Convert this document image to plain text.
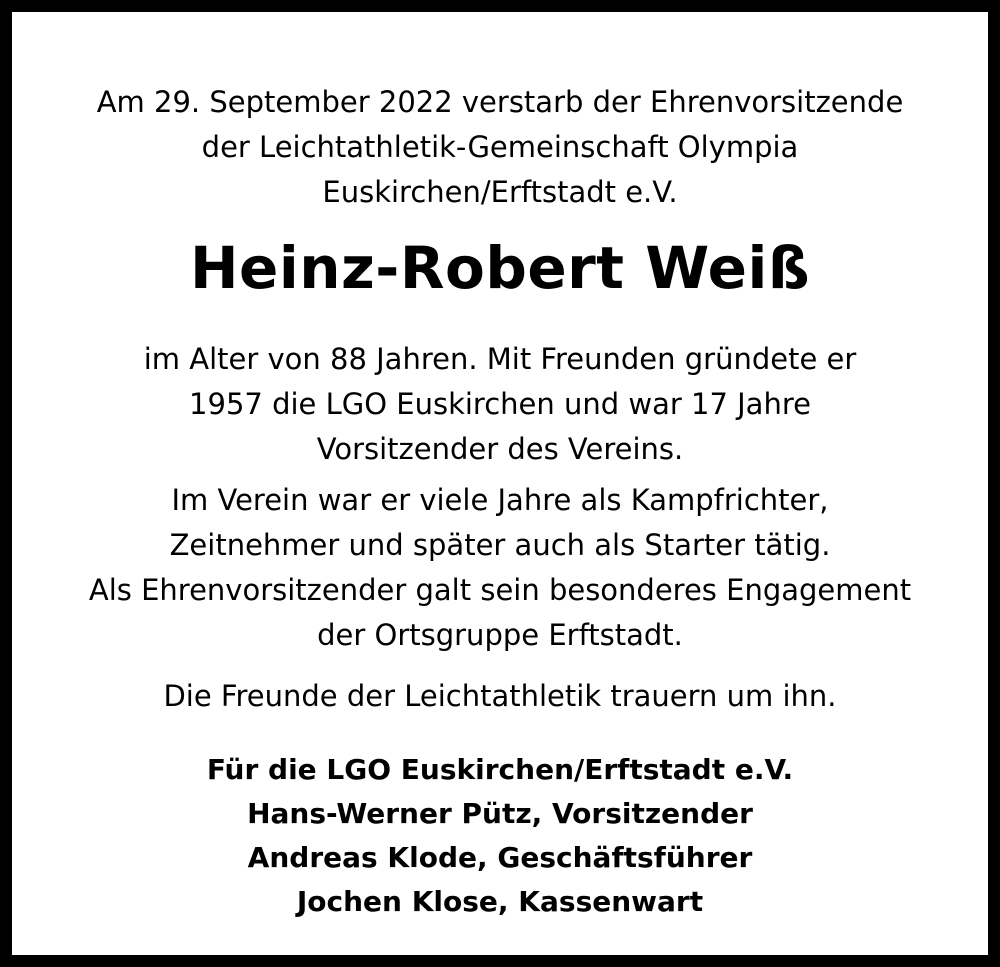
Am 29. September 2022 verstarb der Ehrenvorsitzende
der Leichtathletik-Gemeinschaft Olympia
Euskirchen/Erftstadt e.V.

Heinz-Robert Weiß

im Alter von 88 Jahren. Mit Freunden gründete er
1957 die LGO Euskirchen und war 17 Jahre
Vorsitzender des Vereins.

Im Verein war er viele Jahre als Kampfrichter,
Zeitnehmer und später auch als Starter tätig.
Als Ehrenvorsitzender galt sein besonderes Engagement
der Ortsgruppe Erftstadt.

Die Freunde der Leichtathletik trauern um ihn.

Für die LGO Euskirchen/Erftstadt e.V.
Hans-Werner Pütz, Vorsitzender
Andreas Klode, Geschäftsführer
Jochen Klose, Kassenwart
